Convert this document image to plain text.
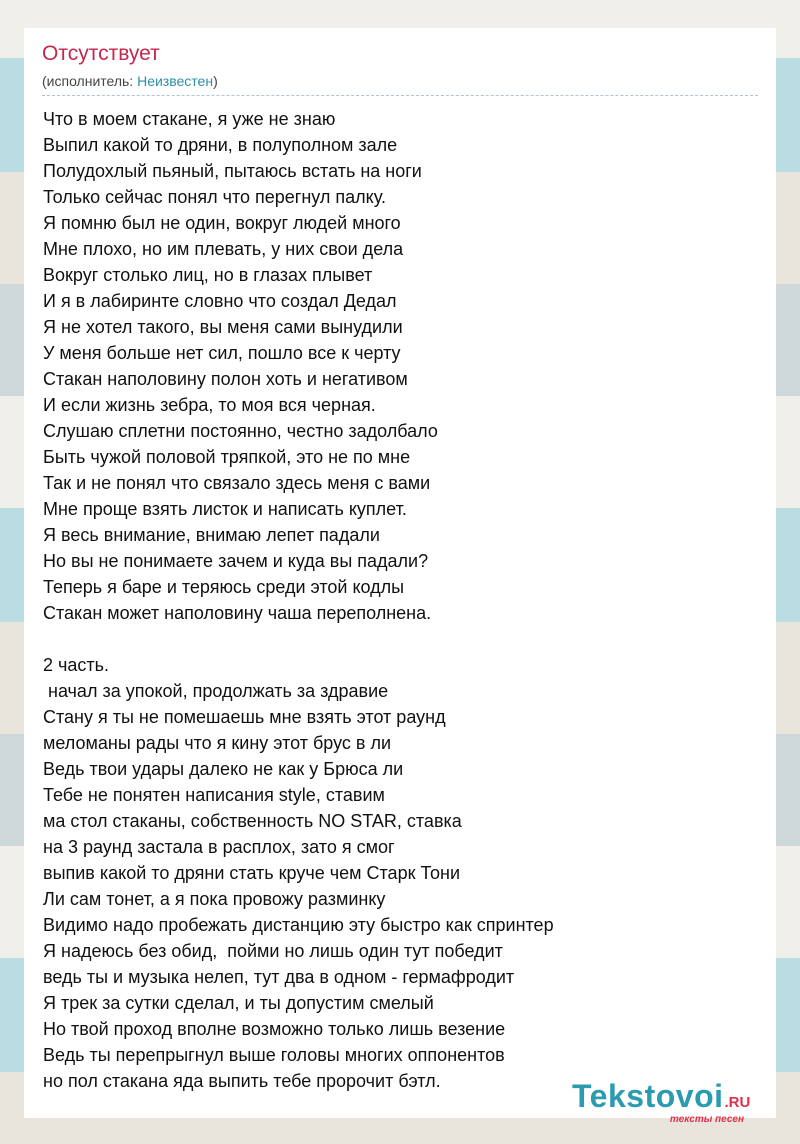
Отсутствует
(исполнитель: Неизвестен)
Что в моем стакане, я уже не знаю
Выпил какой то дряни, в полуполном зале
Полудохлый пьяный, пытаюсь встать на ноги
Только сейчас понял что перегнул палку.
Я помню был не один, вокруг людей много
Мне плохо, но им плевать, у них свои дела
Вокруг столько лиц, но в глазах плывет
И я в лабиринте словно что создал Дедал
Я не хотел такого, вы меня сами вынудили
У меня больше нет сил, пошло все к черту
Стакан наполовину полон хоть и негативом
И если жизнь зебра, то моя вся черная.
Слушаю сплетни постоянно, честно задолбало
Быть чужой половой тряпкой, это не по мне
Так и не понял что связало здесь меня с вами
Мне проще взять листок и написать куплет.
Я весь внимание, внимаю лепет падали
Но вы не понимаете зачем и куда вы падали?
Теперь я баре и теряюсь среди этой кодлы
Стакан может наполовину чаша переполнена.
2 часть.
начал за упокой, продолжать за здравие
Стану я ты не помешаешь мне взять этот раунд
меломаны рады что я кину этот брус в ли
Ведь твои удары далеко не как у Брюса ли
Тебе не понятен написания style, ставим
ма стол стаканы, собственность NO STAR, ставка
на 3 раунд застала в расплох, зато я смог
выпив какой то дряни стать круче чем Старк Тони
Ли сам тонет, а я пока провожу разминку
Видимо надо пробежать дистанцию эту быстро как спринтер
Я надеюсь без обид,  пойми но лишь один тут победит
ведь ты и музыка нелеп, тут два в одном - гермафродит
Я трек за сутки сделал, и ты допустим смелый
Но твой проход вполне возможно только лишь везение
Ведь ты перепрыгнул выше головы многих оппонентов
но пол стакана яда выпить тебе пророчит бэтл.	Tekstovoi.RU
тексты песен
